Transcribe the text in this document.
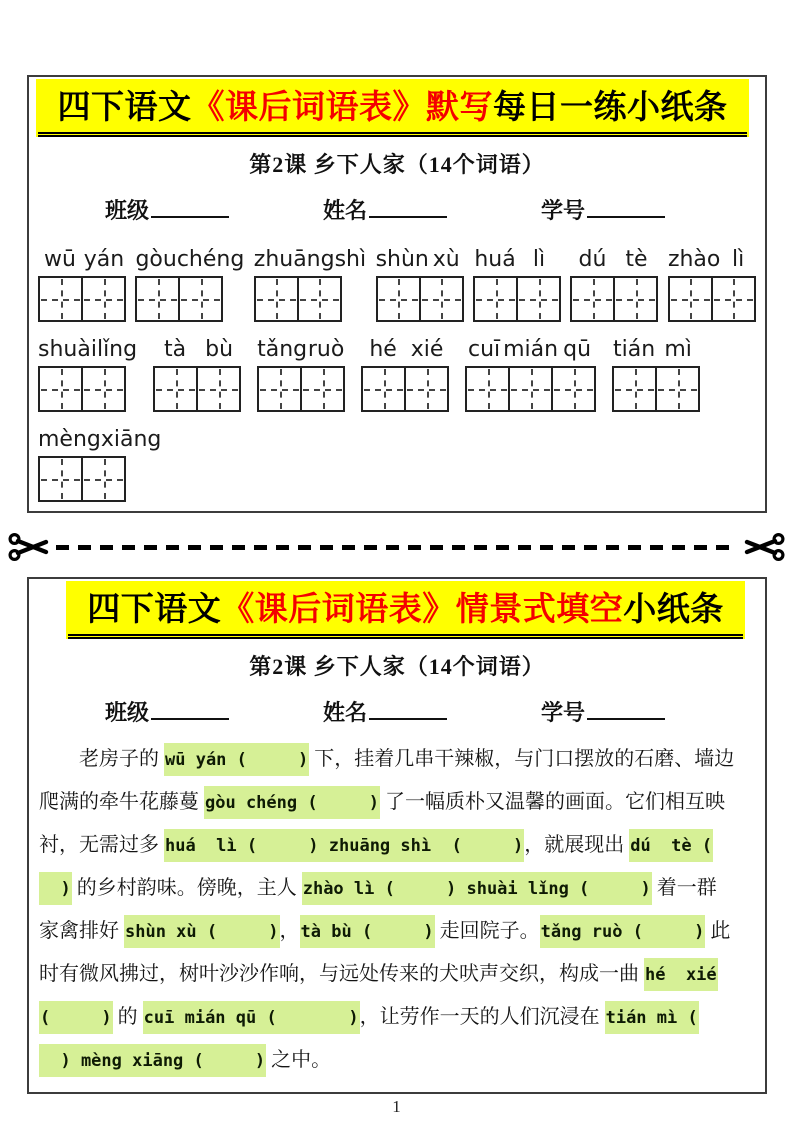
四下语文《课后词语表》默写每日一练小纸条
第2课 乡下人家（14个词语）
班级	姓名	学号
wū yán gòu chéng zhuāng shì shùn xù huá lì	dú tè zhào lì
shuài lǐng	tà bù	tǎng ruò	hé xié cuī mián qū tián mì
mèng xiāng
四下语文《课后词语表》情景式填空小纸条
第2课 乡下人家（14个词语）
班级	姓名	学号
老房子的 wū yán (     ) 下，挂着几串干辣椒，与门口摆放的石磨、墙边
爬满的牵牛花藤蔓 gòu chéng (     ) 了一幅质朴又温馨的画面。它们相互映
衬，无需过多 huá  lì (     ) zhuāng shì  (     )，就展现出 dú  tè (
) 的乡村韵味。傍晚，主人 zhào lì (     ) shuài lǐng (     ) 着一群
家禽排好 shùn xù (     )，tà bù (     ) 走回院子。tǎng ruò (     ) 此
时有微风拂过，树叶沙沙作响，与远处传来的犬吠声交织，构成一曲 hé  xié
(     ) 的 cuī mián qū (       )，让劳作一天的人们沉浸在 tián mì (
) mèng xiāng (     ) 之中。
1
